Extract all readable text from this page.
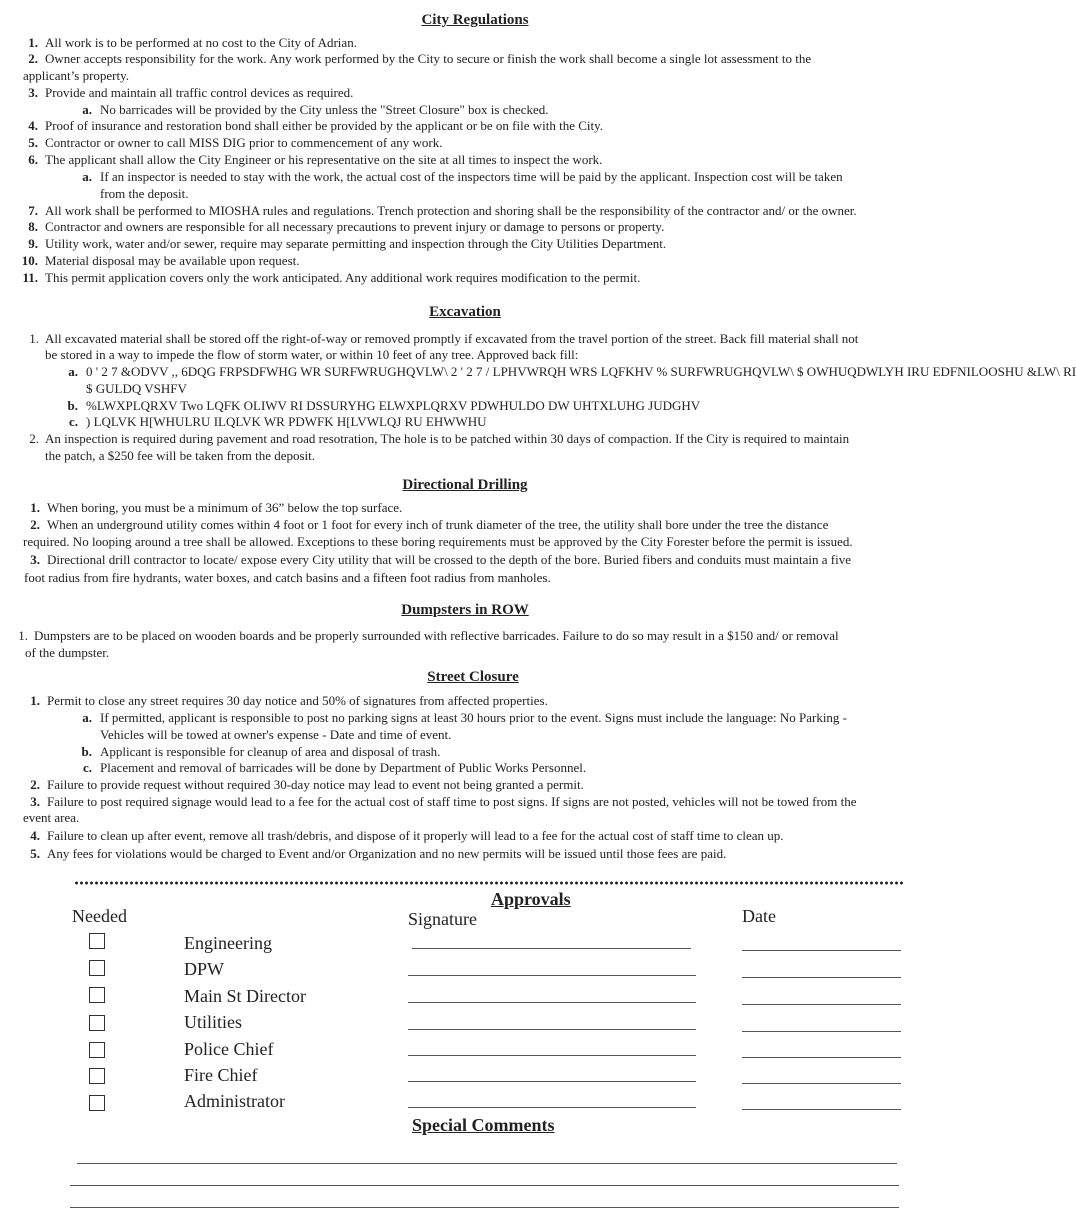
City Regulations
1. All work is to be performed at no cost to the City of Adrian.
2. Owner accepts responsibility for the work. Any work performed by the City to secure or finish the work shall become a single lot assessment to the
applicant’s property.
3. Provide and maintain all traffic control devices as required.
a. No barricades will be provided by the City unless the "Street Closure" box is checked.
4. Proof of insurance and restoration bond shall either be provided by the applicant or be on file with the City.
5. Contractor or owner to call MISS DIG prior to commencement of any work.
6. The applicant shall allow the City Engineer or his representative on the site at all times to inspect the work.
a. If an inspector is needed to stay with the work, the actual cost of the inspectors time will be paid by the applicant. Inspection cost will be taken
from the deposit.
7. All work shall be performed to MIOSHA rules and regulations. Trench protection and shoring shall be the responsibility of the contractor and/ or the owner.
8. Contractor and owners are responsible for all necessary precautions to prevent injury or damage to persons or property.
9. Utility work, water and/or sewer, require may separate permitting and inspection through the City Utilities Department.
10. Material disposal may be available upon request.
11. This permit application covers only the work anticipated. Any additional work requires modification to the permit.
Excavation
1. All excavated material shall be stored off the right-of-way or removed promptly if excavated from the travel portion of the street. Back fill material shall not
be stored in a way to impede the flow of storm water, or within 10 feet of any tree. Approved back fill:
a. 0 ' 2 7 &ODVV ,, 6DQG FRPSDFWHG WR SURFWRUGHQVLW\ 2 ' 2 7 / LPHVWRQH WRS LQFKHV % SURFWRUGHQVLW\ $ OWHUQDWLYH IRU EDFNILOOSHU &LW\ RI
$ GULDQ VSHFV
b. %LWXPLQRXV Two LQFK OLIWV RI DSSURYHG ELWXPLQRXV PDWHULDO DW UHTXLUHG JUDGHV
c. ) LQLVK H[WHULRU ILQLVK WR PDWFK H[LVWLQJ RU EHWWHU
2. An inspection is required during pavement and road resotration, The hole is to be patched within 30 days of compaction. If the City is required to maintain
the patch, a $250 fee will be taken from the deposit.
Directional Drilling
1. When boring, you must be a minimum of 36” below the top surface.
2. When an underground utility comes within 4 foot or 1 foot for every inch of trunk diameter of the tree, the utility shall bore under the tree the distance
required. No looping around a tree shall be allowed. Exceptions to these boring requirements must be approved by the City Forester before the permit is issued.
3. Directional drill contractor to locate/ expose every City utility that will be crossed to the depth of the bore. Buried fibers and conduits must maintain a five
foot radius from fire hydrants, water boxes, and catch basins and a fifteen foot radius from manholes.
Dumpsters in ROW
1. Dumpsters are to be placed on wooden boards and be properly surrounded with reflective barricades. Failure to do so may result in a $150 and/ or removal
of the dumpster.
Street Closure
1. Permit to close any street requires 30 day notice and 50% of signatures from affected properties.
a. If permitted, applicant is responsible to post no parking signs at least 30 hours prior to the event. Signs must include the language: No Parking -
Vehicles will be towed at owner's expense - Date and time of event.
b. Applicant is responsible for cleanup of area and disposal of trash.
c. Placement and removal of barricades will be done by Department of Public Works Personnel.
2. Failure to provide request without required 30-day notice may lead to event not being granted a permit.
3. Failure to post required signage would lead to a fee for the actual cost of staff time to post signs. If signs are not posted, vehicles will not be towed from the
event area.
4. Failure to clean up after event, remove all trash/debris, and dispose of it properly will lead to a fee for the actual cost of staff time to clean up.
5. Any fees for violations would be charged to Event and/or Organization and no new permits will be issued until those fees are paid.
Approvals
Needed	Signature	Date
Engineering
DPW
Main St Director
Utilities
Police Chief
Fire Chief
Administrator
Special Comments
